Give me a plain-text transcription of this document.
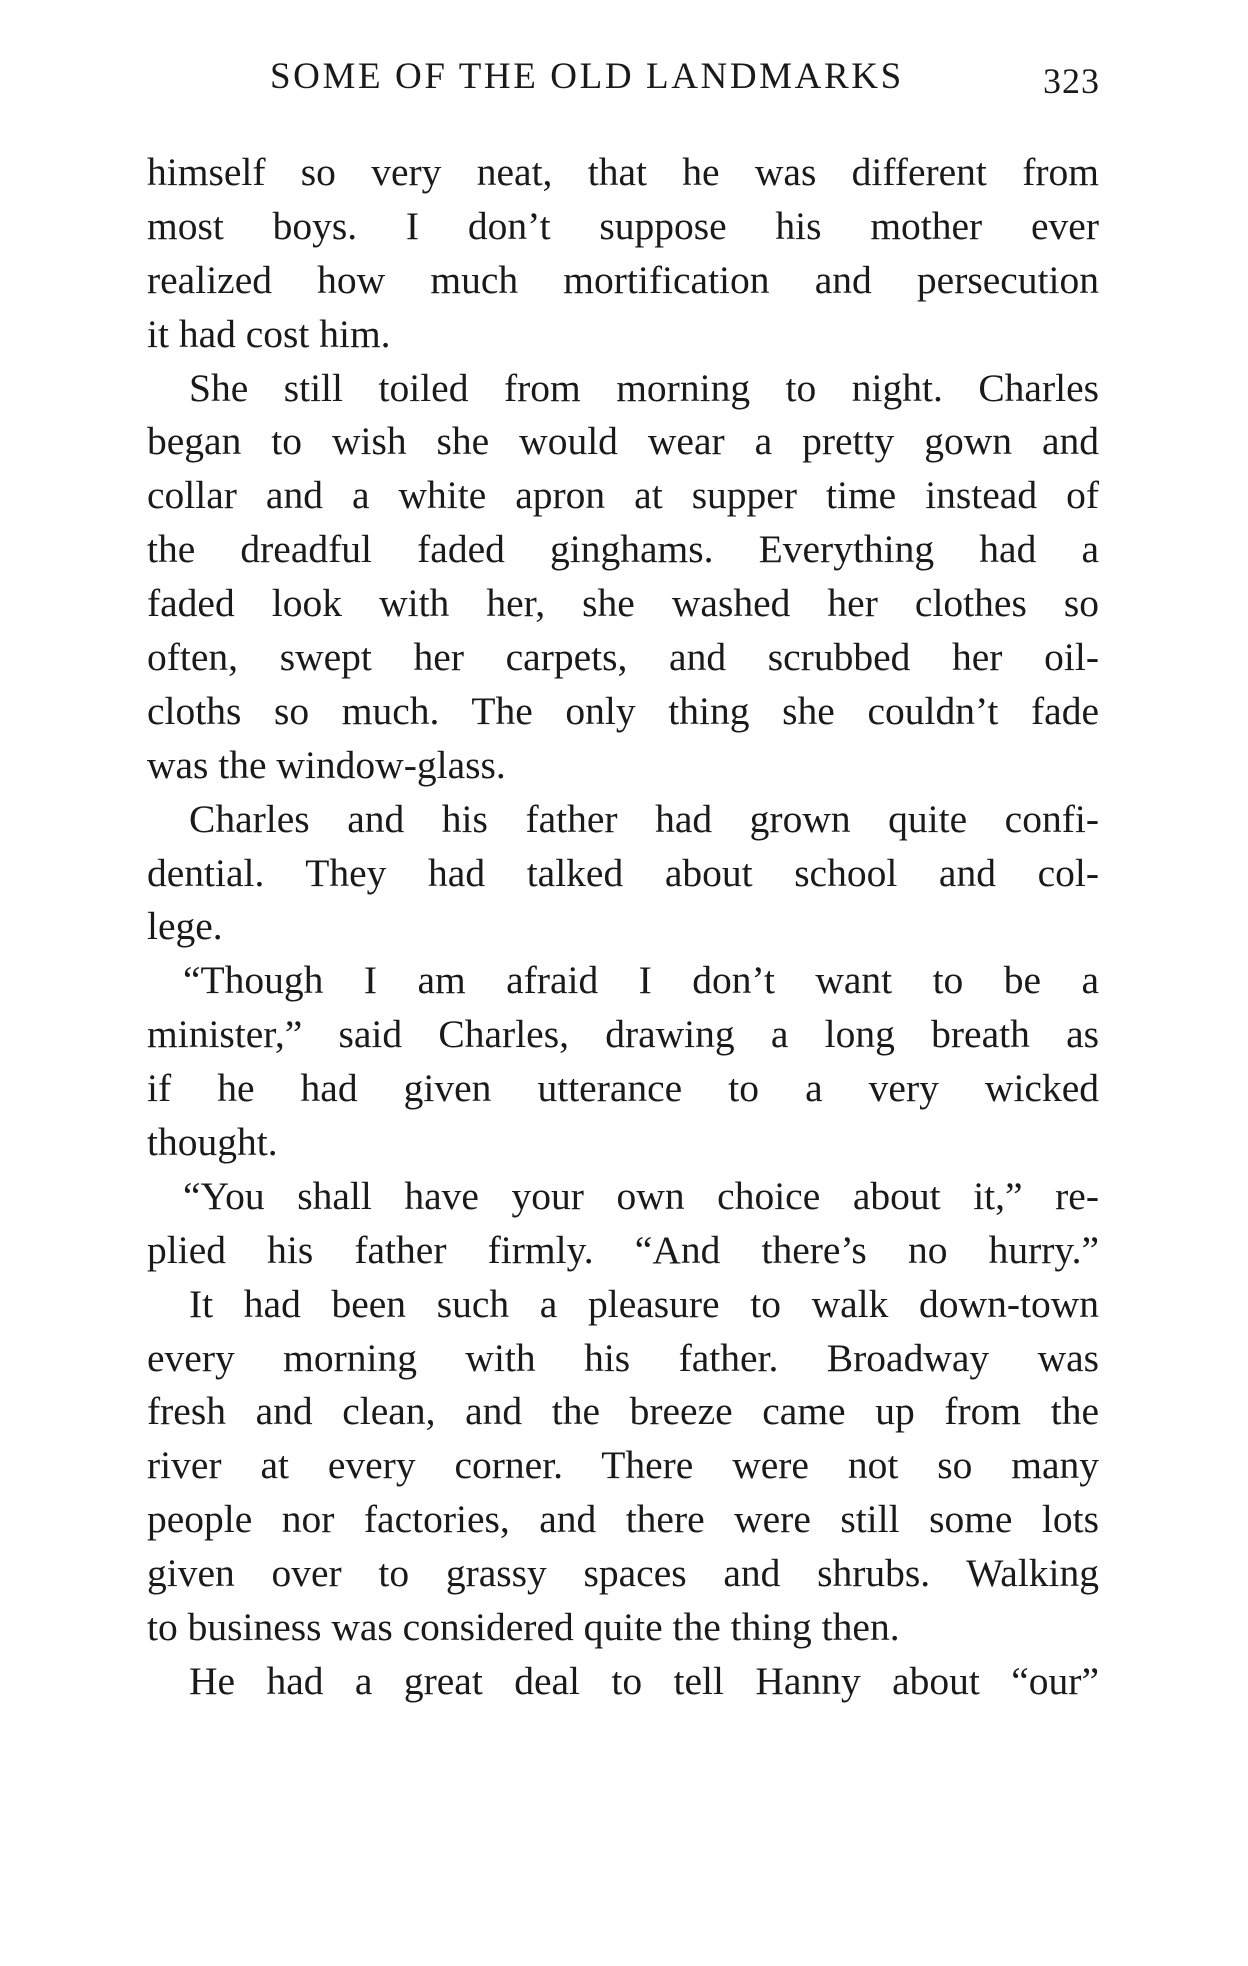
SOME OF THE OLD LANDMARKS	323
himself so very neat, that he was different from
most boys. I don’t suppose his mother ever
realized how much mortification and persecution
it had cost him.
She still toiled from morning to night. Charles
began to wish she would wear a pretty gown and
collar and a white apron at supper time instead of
the dreadful faded ginghams. Everything had a
faded look with her, she washed her clothes so
often, swept her carpets, and scrubbed her oil-
cloths so much. The only thing she couldn’t fade
was the window-glass.
Charles and his father had grown quite confi-
dential. They had talked about school and col-
lege.
“Though I am afraid I don’t want to be a
minister,” said Charles, drawing a long breath as
if he had given utterance to a very wicked
thought.
“You shall have your own choice about it,” re-
plied his father firmly. “And there’s no hurry.”
It had been such a pleasure to walk down-town
every morning with his father. Broadway was
fresh and clean, and the breeze came up from the
river at every corner. There were not so many
people nor factories, and there were still some lots
given over to grassy spaces and shrubs. Walking
to business was considered quite the thing then.
He had a great deal to tell Hanny about “our”
